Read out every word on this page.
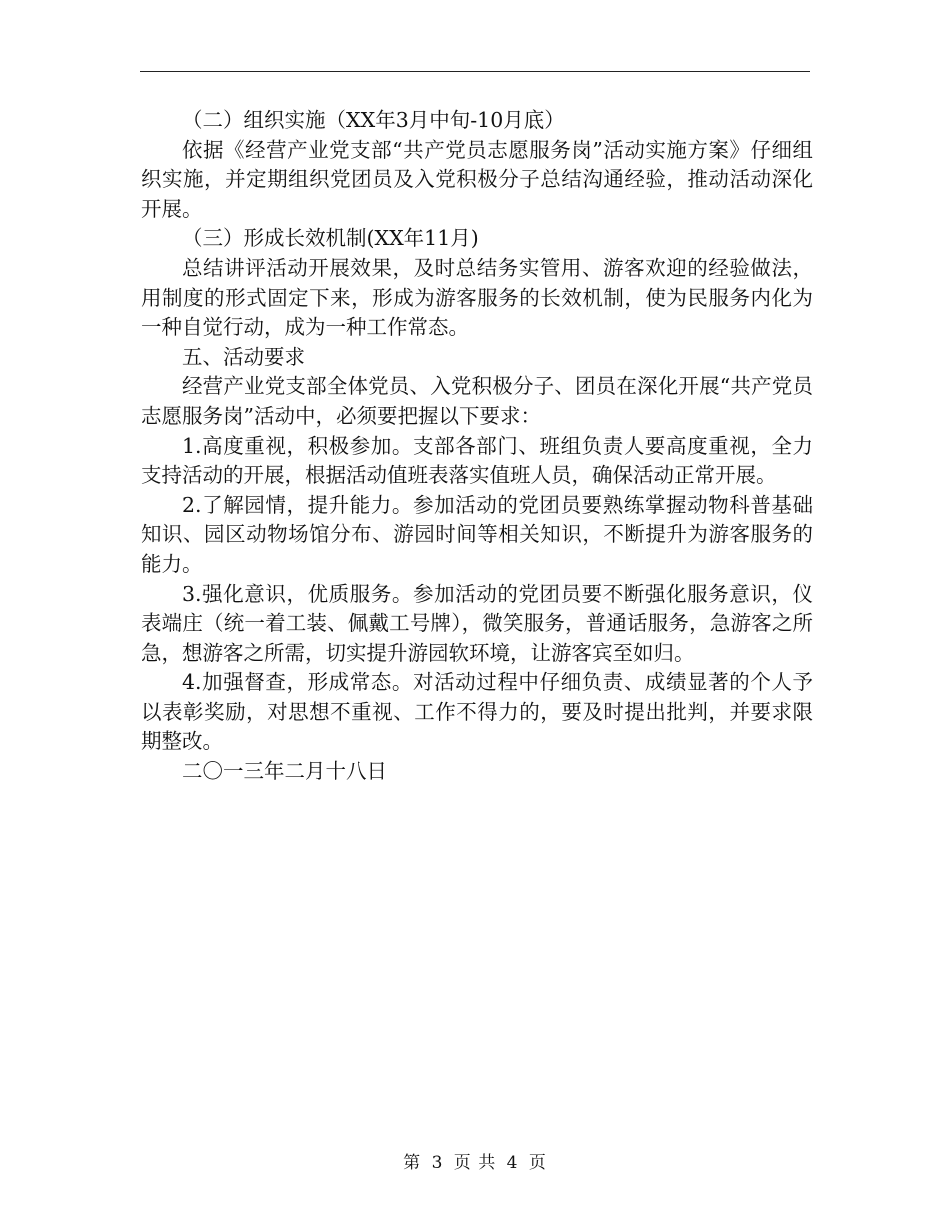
（二）组织实施（XX年3月中旬-10月底）

依据《经营产业党支部“共产党员志愿服务岗”活动实施方案》仔细组织实施，并定期组织党团员及入党积极分子总结沟通经验，推动活动深化开展。

（三）形成长效机制(XX年11月)

总结讲评活动开展效果，及时总结务实管用、游客欢迎的经验做法，用制度的形式固定下来，形成为游客服务的长效机制，使为民服务内化为一种自觉行动，成为一种工作常态。

五、活动要求

经营产业党支部全体党员、入党积极分子、团员在深化开展“共产党员志愿服务岗”活动中，必须要把握以下要求：

1.高度重视，积极参加。支部各部门、班组负责人要高度重视，全力支持活动的开展，根据活动值班表落实值班人员，确保活动正常开展。

2.了解园情，提升能力。参加活动的党团员要熟练掌握动物科普基础知识、园区动物场馆分布、游园时间等相关知识，不断提升为游客服务的能力。

3.强化意识，优质服务。参加活动的党团员要不断强化服务意识，仪表端庄（统一着工装、佩戴工号牌），微笑服务，普通话服务，急游客之所急，想游客之所需，切实提升游园软环境，让游客宾至如归。

4.加强督查，形成常态。对活动过程中仔细负责、成绩显著的个人予以表彰奖励，对思想不重视、工作不得力的，要及时提出批判，并要求限期整改。

二〇一三年二月十八日

第 3 页 共 4 页
